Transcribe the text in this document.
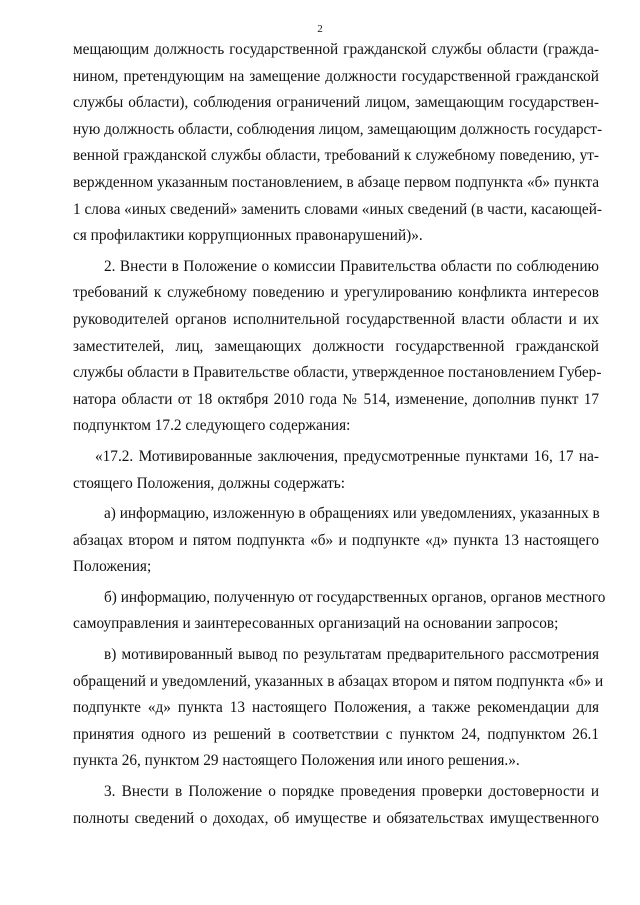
2

мещающим должность государственной гражданской службы области (гражда-
нином, претендующим на замещение должности государственной гражданской
службы области), соблюдения ограничений лицом, замещающим государствен-
ную должность области, соблюдения лицом, замещающим должность государст-
венной гражданской службы области, требований к служебному поведению, ут-
вержденном указанным постановлением, в абзаце первом подпункта «б» пункта
1 слова «иных сведений» заменить словами «иных сведений (в части, касающей-
ся профилактики коррупционных правонарушений)».

2. Внести в Положение о комиссии Правительства области по соблюдению
требований к служебному поведению и урегулированию конфликта интересов
руководителей органов исполнительной государственной власти области и их
заместителей, лиц, замещающих должности государственной гражданской
службы области в Правительстве области, утвержденное постановлением Губер-
натора области от 18 октября 2010 года № 514, изменение, дополнив пункт 17
подпунктом 17.2 следующего содержания:

«17.2. Мотивированные заключения, предусмотренные пунктами 16, 17 на-
стоящего Положения, должны содержать:

а) информацию, изложенную в обращениях или уведомлениях, указанных в
абзацах втором и пятом подпункта «б» и подпункте «д» пункта 13 настоящего
Положения;

б) информацию, полученную от государственных органов, органов местного
самоуправления и заинтересованных организаций на основании запросов;

в) мотивированный вывод по результатам предварительного рассмотрения
обращений и уведомлений, указанных в абзацах втором и пятом подпункта «б» и
подпункте «д» пункта 13 настоящего Положения, а также рекомендации для
принятия одного из решений в соответствии с пунктом 24, подпунктом 26.1
пункта 26, пунктом 29 настоящего Положения или иного решения.».

3. Внести в Положение о порядке проведения проверки достоверности и
полноты сведений о доходах, об имуществе и обязательствах имущественного
